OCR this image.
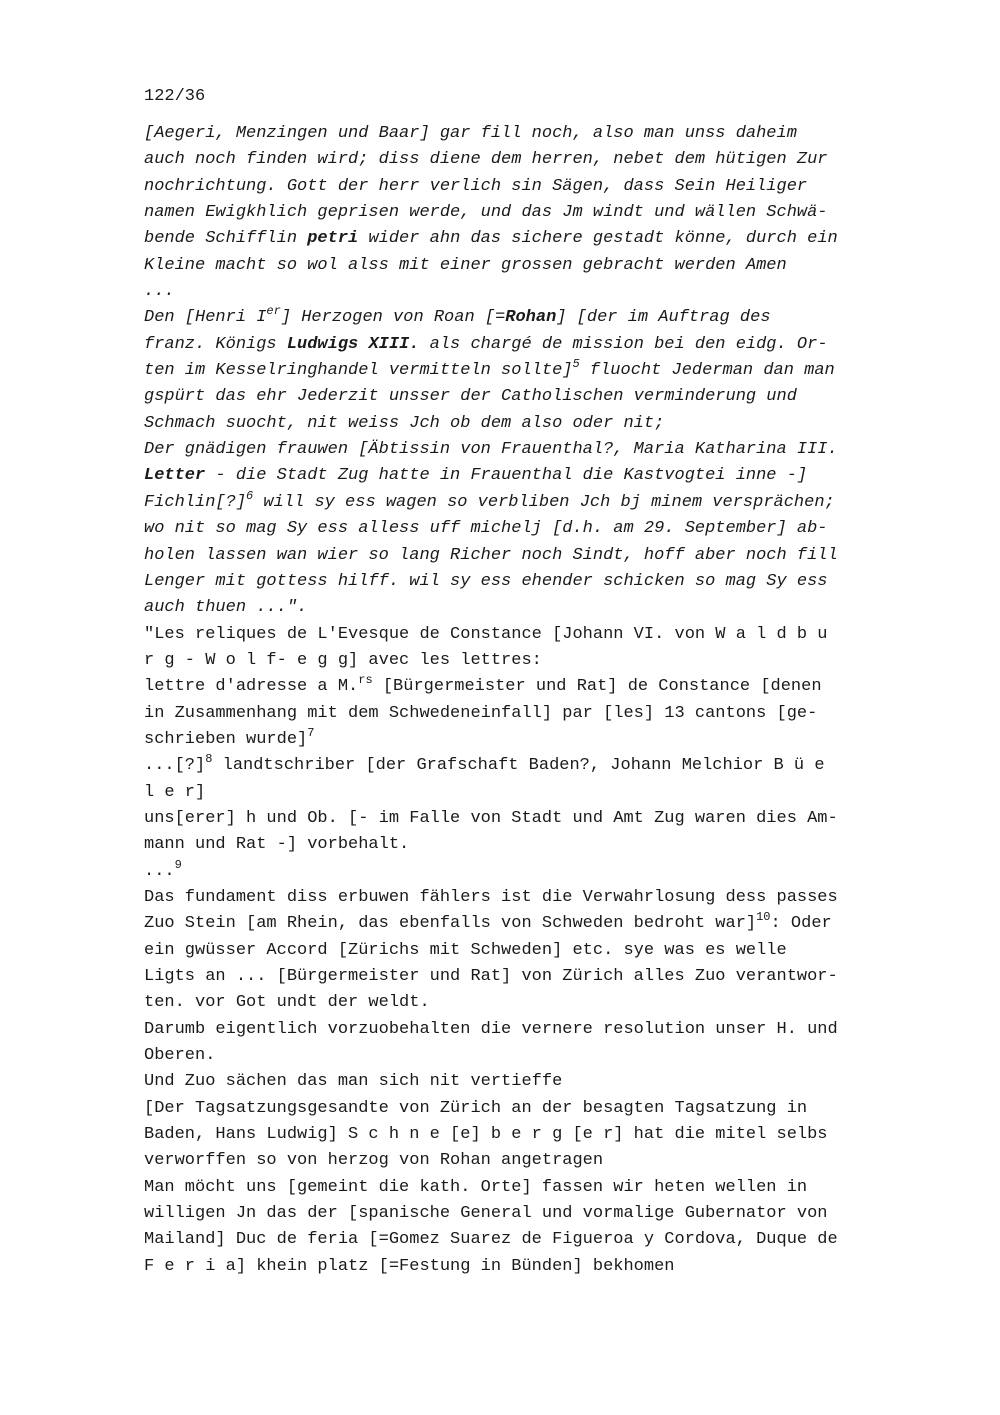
122/36
[Aegeri, Menzingen und Baar] gar fill noch, also man unss daheim
auch noch finden wird; diss diene dem herren, nebet dem hütigen Zur
nochrichtung. Gott der herr verlich sin Sägen, dass Sein Heiliger
namen Ewigkhlich geprisen werde, und das Jm windt und wällen Schwä-
bende Schifflin petri wider ahn das sichere gestadt könne, durch ein
Kleine macht so wol alss mit einer grossen gebracht werden Amen
...
Den [Henri Ier] Herzogen von Roan [=Rohan] [der im Auftrag des
franz. Königs Ludwigs XIII. als chargé de mission bei den eidg. Or-
ten im Kesselringhandel vermitteln sollte]$^5$ fluocht Jederman dan man
gspürt das ehr Jederzit unsser der Catholischen verminderung und
Schmach suocht, nit weiss Jch ob dem also oder nit;
Der gnädigen frauwen [Äbtissin von Frauenthal?, Maria Katharina III.
Letter - die Stadt Zug hatte in Frauenthal die Kastvogtei inne -]
Fichlin[?]$^6$ will sy ess wagen so verbliben Jch bj minem versprächen;
wo nit so mag Sy ess alless uff michelj [d.h. am 29. September] ab-
holen lassen wan wier so lang Richer noch Sindt, hoff aber noch fill
Lenger mit gottess hilff. wil sy ess ehender schicken so mag Sy ess
auch thuen ...".
"Les reliques de L'Evesque de Constance [Johann VI. von W a l d b u
r g - W o l f- e g g] avec les lettres:
lettre d'adresse a M.$^{rs}$ [Bürgermeister und Rat] de Constance [denen
in Zusammenhang mit dem Schwedeneinfall] par [les] 13 cantons [ge-
schrieben wurde]$^7$
...[?]$^8$ landtschriber [der Grafschaft Baden?, Johann Melchior B ü e
l e r]
uns[erer] h und Ob. [- im Falle von Stadt und Amt Zug waren dies Am-
mann und Rat -] vorbehalt.
...$^9$
Das fundament diss erbuwen fählers ist die Verwahrlosung dess passes
Zuo Stein [am Rhein, das ebenfalls von Schweden bedroht war]$^{10}$: Oder
ein gwüsser Accord [Zürichs mit Schweden] etc. sye was es welle
Ligts an ... [Bürgermeister und Rat] von Zürich alles Zuo verantwor-
ten. vor Got undt der weldt.
Darumb eigentlich vorzuobehalten die vernere resolution unser H. und
Oberen.
Und Zuo sächen das man sich nit vertieffe
[Der Tagsatzungsgesandte von Zürich an der besagten Tagsatzung in
Baden, Hans Ludwig] S c h n e [e] b e r g [e r] hat die mitel selbs
verworffen so von herzog von Rohan angetragen
Man möcht uns [gemeint die kath. Orte] fassen wir heten wellen in
willigen Jn das der [spanische General und vormalige Gubernator von
Mailand] Duc de feria [=Gomez Suarez de Figueroa y Cordova, Duque de
F e r i a] khein platz [=Festung in Bünden] bekhomen
